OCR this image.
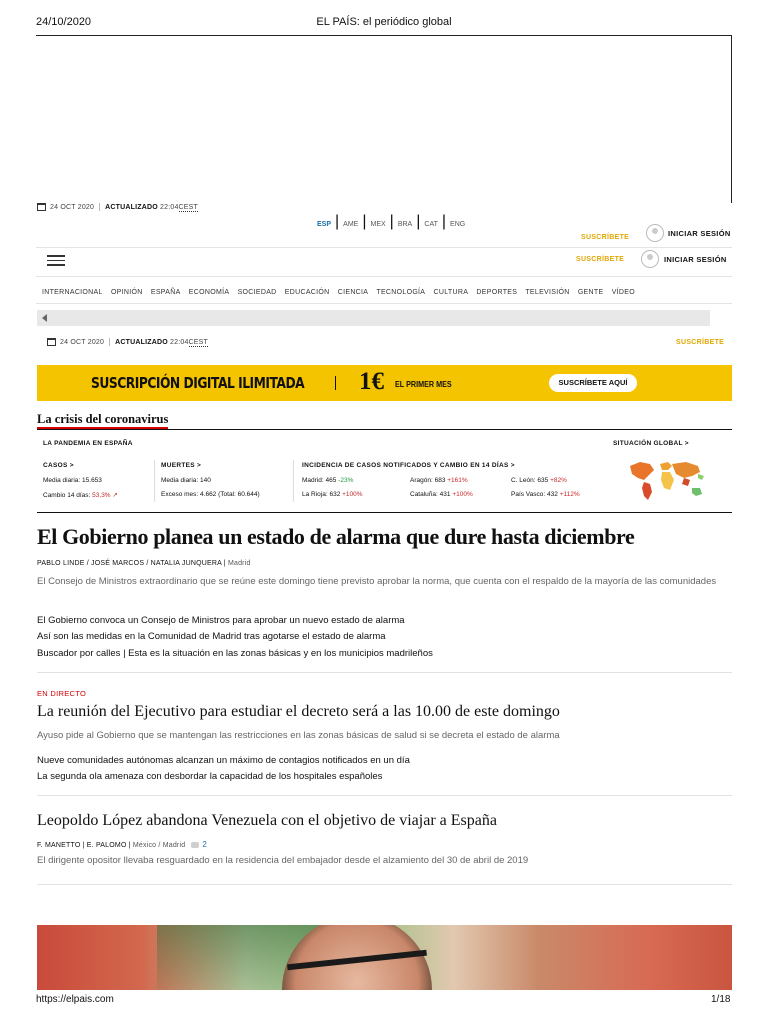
24/10/2020	EL PAÍS: el periódico global
24 OCT 2020 ACTUALIZADO 22:04CEST
ESP | AME | MEX | BRA | CAT | ENG
SUSCRÍBETE	INICIAR SESIÓN
SUSCRÍBETE	INICIAR SESIÓN
INTERNACIONAL OPINIÓN ESPAÑA ECONOMÍA SOCIEDAD EDUCACIÓN CIENCIA TECNOLOGÍA CULTURA DEPORTES TELEVISIÓN GENTE VÍDEO
24 OCT 2020 ACTUALIZADO 22:04CEST	SUSCRÍBETE
SUSCRIPCIÓN DIGITAL ILIMITADA 1€ EL PRIMER MES	SUSCRÍBETE AQUÍ
La crisis del coronavirus
LA PANDEMIA EN ESPAÑA	SITUACIÓN GLOBAL >
CASOS >
Media diaria: 15.653
Cambio 14 días: 53,3% ↗
MUERTES >
Media diaria: 140
Exceso mes: 4.662 (Total: 60.644)
INCIDENCIA DE CASOS NOTIFICADOS Y CAMBIO EN 14 DÍAS >
Madrid: 465 -23%	Aragón: 683 +161%	C. León: 635 +82%
La Rioja: 632 +100%	Cataluña: 431 +100%	País Vasco: 432 +112%
El Gobierno planea un estado de alarma que dure hasta diciembre
PABLO LINDE / JOSÉ MARCOS / NATALIA JUNQUERA | Madrid
El Consejo de Ministros extraordinario que se reúne este domingo tiene previsto aprobar la norma, que cuenta con el respaldo de la mayoría de las comunidades
El Gobierno convoca un Consejo de Ministros para aprobar un nuevo estado de alarma
Así son las medidas en la Comunidad de Madrid tras agotarse el estado de alarma
Buscador por calles | Esta es la situación en las zonas básicas y en los municipios madrileños
EN DIRECTO
La reunión del Ejecutivo para estudiar el decreto será a las 10.00 de este domingo
Ayuso pide al Gobierno que se mantengan las restricciones en las zonas básicas de salud si se decreta el estado de alarma
Nueve comunidades autónomas alcanzan un máximo de contagios notificados en un día
La segunda ola amenaza con desbordar la capacidad de los hospitales españoles
Leopoldo López abandona Venezuela con el objetivo de viajar a España
F. MANETTO | E. PALOMO | México / Madrid 2
El dirigente opositor llevaba resguardado en la residencia del embajador desde el alzamiento del 30 de abril de 2019
https://elpais.com	1/18
